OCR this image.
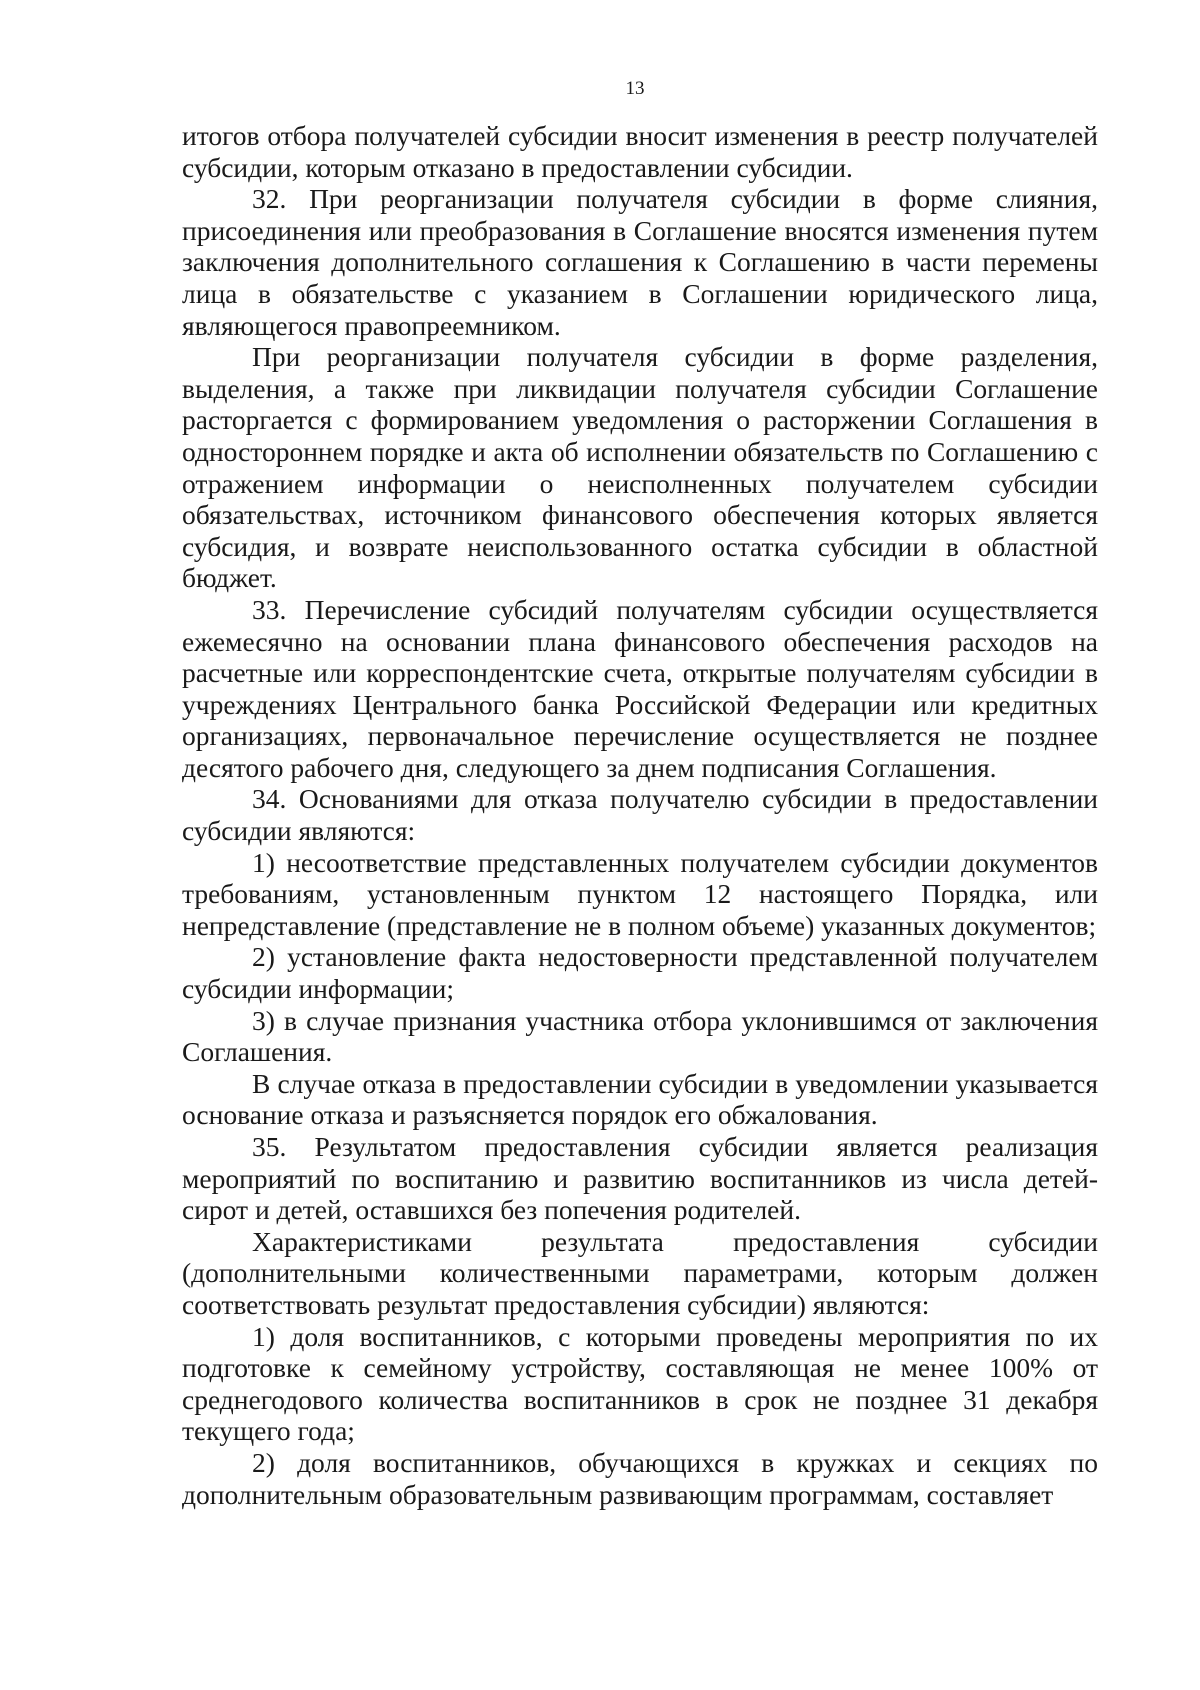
13

итогов отбора получателей субсидии вносит изменения в реестр получателей субсидии, которым отказано в предоставлении субсидии.

32. При реорганизации получателя субсидии в форме слияния, присоединения или преобразования в Соглашение вносятся изменения путем заключения дополнительного соглашения к Соглашению в части перемены лица в обязательстве с указанием в Соглашении юридического лица, являющегося правопреемником.

При реорганизации получателя субсидии в форме разделения, выделения, а также при ликвидации получателя субсидии Соглашение расторгается с формированием уведомления о расторжении Соглашения в одностороннем порядке и акта об исполнении обязательств по Соглашению с отражением информации о неисполненных получателем субсидии обязательствах, источником финансового обеспечения которых является субсидия, и возврате неиспользованного остатка субсидии в областной бюджет.

33. Перечисление субсидий получателям субсидии осуществляется ежемесячно на основании плана финансового обеспечения расходов на расчетные или корреспондентские счета, открытые получателям субсидии в учреждениях Центрального банка Российской Федерации или кредитных организациях, первоначальное перечисление осуществляется не позднее десятого рабочего дня, следующего за днем подписания Соглашения.

34. Основаниями для отказа получателю субсидии в предоставлении субсидии являются:

1) несоответствие представленных получателем субсидии документов требованиям, установленным пунктом 12 настоящего Порядка, или непредставление (представление не в полном объеме) указанных документов;

2) установление факта недостоверности представленной получателем субсидии информации;

3) в случае признания участника отбора уклонившимся от заключения Соглашения.

В случае отказа в предоставлении субсидии в уведомлении указывается основание отказа и разъясняется порядок его обжалования.

35. Результатом предоставления субсидии является реализация мероприятий по воспитанию и развитию воспитанников из числа детей-сирот и детей, оставшихся без попечения родителей.

Характеристиками результата предоставления субсидии (дополнительными количественными параметрами, которым должен соответствовать результат предоставления субсидии) являются:

1) доля воспитанников, с которыми проведены мероприятия по их подготовке к семейному устройству, составляющая не менее 100% от среднегодового количества воспитанников в срок не позднее 31 декабря текущего года;

2) доля воспитанников, обучающихся в кружках и секциях по дополнительным образовательным развивающим программам, составляет
